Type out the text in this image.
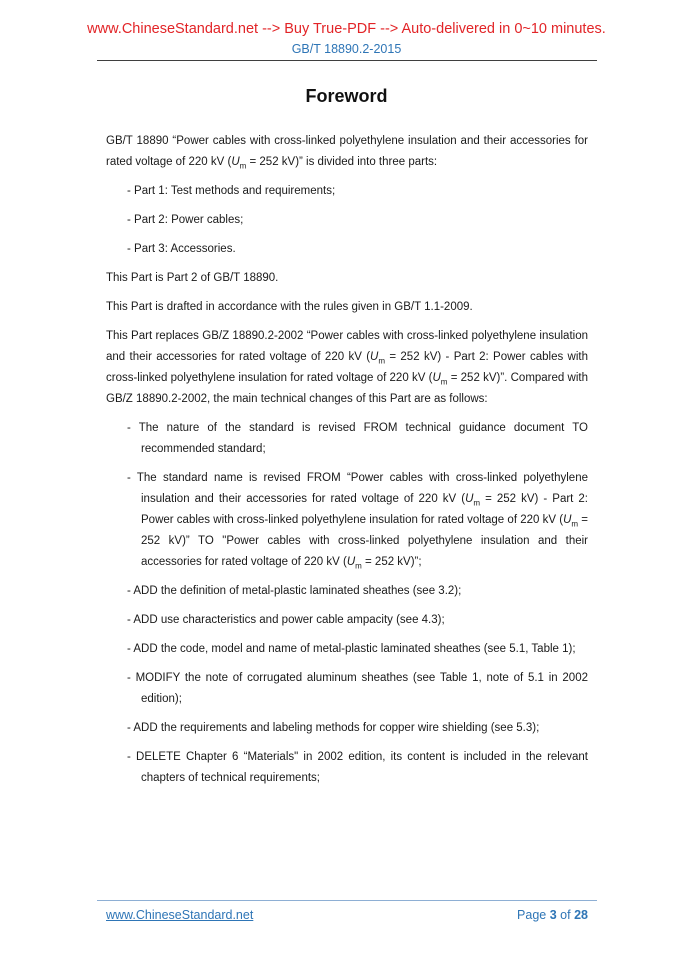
www.ChineseStandard.net --> Buy True-PDF --> Auto-delivered in 0~10 minutes.
GB/T 18890.2-2015
Foreword
GB/T 18890 “Power cables with cross-linked polyethylene insulation and their accessories for rated voltage of 220 kV ($U_m = 252$ kV)” is divided into three parts:
- Part 1: Test methods and requirements;
- Part 2: Power cables;
- Part 3: Accessories.
This Part is Part 2 of GB/T 18890.
This Part is drafted in accordance with the rules given in GB/T 1.1-2009.
This Part replaces GB/Z 18890.2-2002 “Power cables with cross-linked polyethylene insulation and their accessories for rated voltage of 220 kV ($U_m = 252$ kV) - Part 2: Power cables with cross-linked polyethylene insulation for rated voltage of 220 kV ($U_m = 252$ kV)”. Compared with GB/Z 18890.2-2002, the main technical changes of this Part are as follows:
- The nature of the standard is revised FROM technical guidance document TO recommended standard;
- The standard name is revised FROM “Power cables with cross-linked polyethylene insulation and their accessories for rated voltage of 220 kV ($U_m = 252$ kV) - Part 2: Power cables with cross-linked polyethylene insulation for rated voltage of 220 kV ($U_m = 252$ kV)” TO "Power cables with cross-linked polyethylene insulation and their accessories for rated voltage of 220 kV ($U_m = 252$ kV)”;
- ADD the definition of metal-plastic laminated sheathes (see 3.2);
- ADD use characteristics and power cable ampacity (see 4.3);
- ADD the code, model and name of metal-plastic laminated sheathes (see 5.1, Table 1);
- MODIFY the note of corrugated aluminum sheathes (see Table 1, note of 5.1 in 2002 edition);
- ADD the requirements and labeling methods for copper wire shielding (see 5.3);
- DELETE Chapter 6 “Materials" in 2002 edition, its content is included in the relevant chapters of technical requirements;
www.ChineseStandard.net	Page 3 of 28
